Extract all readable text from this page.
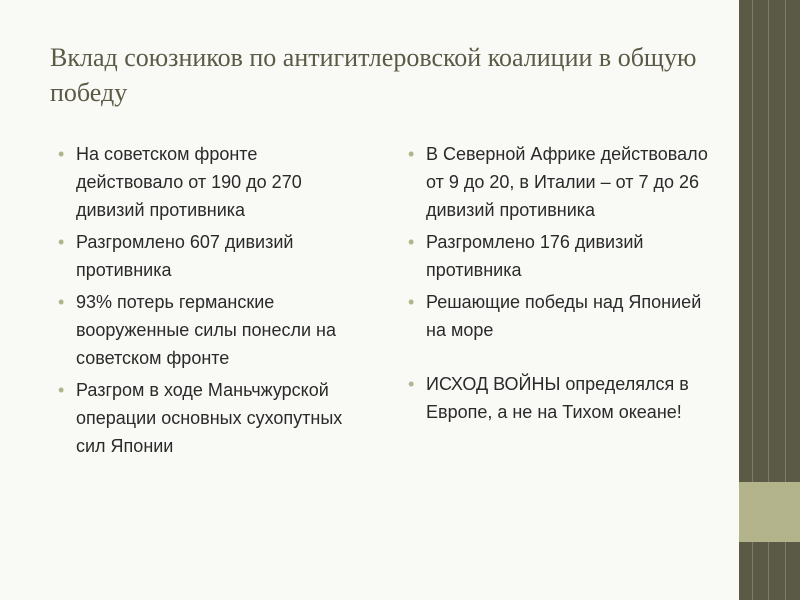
Вклад союзников по антигитлеровской коалиции в общую победу
• На советском фронте действовало от 190 до 270 дивизий противника
• Разгромлено 607 дивизий противника
• 93% потерь германские вооруженные силы понесли на советском фронте
• Разгром в ходе Маньчжурской операции основных сухопутных сил Японии
• В Северной Африке действовало от 9 до 20, в Италии – от 7 до 26 дивизий противника
• Разгромлено 176 дивизий противника
• Решающие победы над Японией на море
• ИСХОД ВОЙНЫ определялся в Европе, а не на Тихом океане!
